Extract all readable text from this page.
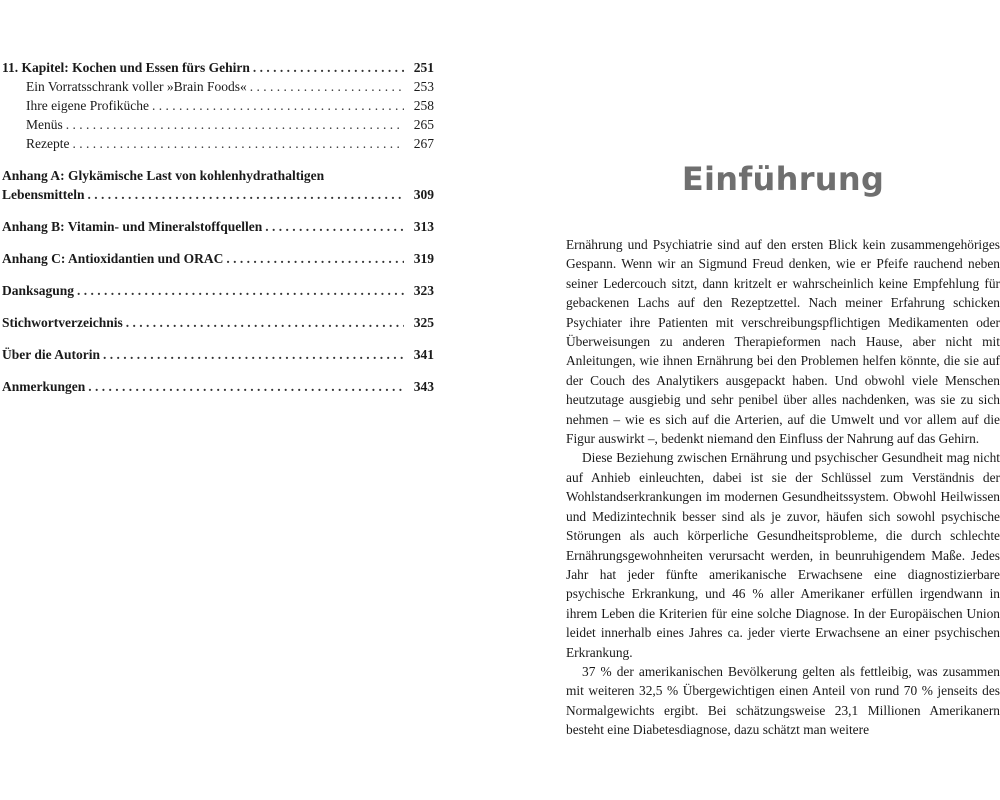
11. Kapitel: Kochen und Essen fürs Gehirn . . .	251
Ein Vorratsschrank voller »Brain Foods« . . .	253
Ihre eigene Profiküche . . .	258
Menüs . . .	265
Rezepte . . .	267
Anhang A: Glykämische Last von kohlenhydrathaltigen
Lebensmitteln . . .	309
Anhang B: Vitamin- und Mineralstoffquellen . . .	313
Anhang C: Antioxidantien und ORAC . . .	319
Danksagung . . .	323
Stichwortverzeichnis . . .	325
Über die Autorin . . .	341
Anmerkungen . . .	343
Einführung

Ernährung und Psychiatrie sind auf den ersten Blick kein zusammengehöriges Gespann. Wenn wir an Sigmund Freud denken, wie er Pfeife rauchend neben seiner Ledercouch sitzt, dann kritzelt er wahrscheinlich keine Empfehlung für gebackenen Lachs auf den Rezeptzettel. Nach meiner Erfahrung schicken Psychiater ihre Patienten mit verschreibungspflichtigen Medikamenten oder Überweisungen zu anderen Therapieformen nach Hause, aber nicht mit Anleitungen, wie ihnen Ernährung bei den Problemen helfen könnte, die sie auf der Couch des Analytikers ausgepackt haben. Und obwohl viele Menschen heutzutage ausgiebig und sehr penibel über alles nachdenken, was sie zu sich nehmen – wie es sich auf die Arterien, auf die Umwelt und vor allem auf die Figur auswirkt –, bedenkt niemand den Einfluss der Nahrung auf das Gehirn.

Diese Beziehung zwischen Ernährung und psychischer Gesundheit mag nicht auf Anhieb einleuchten, dabei ist sie der Schlüssel zum Verständnis der Wohlstandserkrankungen im modernen Gesundheitssystem. Obwohl Heilwissen und Medizintechnik besser sind als je zuvor, häufen sich sowohl psychische Störungen als auch körperliche Gesundheitsprobleme, die durch schlechte Ernährungsgewohnheiten verursacht werden, in beunruhigendem Maße. Jedes Jahr hat jeder fünfte amerikanische Erwachsene eine diagnostizierbare psychische Erkrankung, und 46 % aller Amerikaner erfüllen irgendwann in ihrem Leben die Kriterien für eine solche Diagnose. In der Europäischen Union leidet innerhalb eines Jahres ca. jeder vierte Erwachsene an einer psychischen Erkrankung.

37 % der amerikanischen Bevölkerung gelten als fettleibig, was zusammen mit weiteren 32,5 % Übergewichtigen einen Anteil von rund 70 % jenseits des Normalgewichts ergibt. Bei schätzungsweise 23,1 Millionen Amerikanern besteht eine Diabetesdiagnose, dazu schätzt man weitere
